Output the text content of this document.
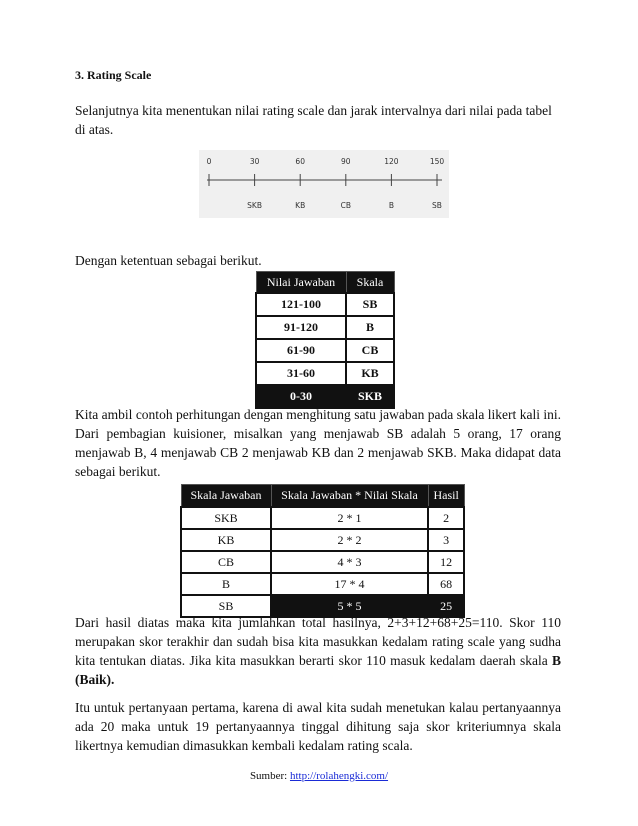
3. Rating Scale

Selanjutnya kita menentukan nilai rating scale dan jarak intervalnya dari nilai pada tabel di atas.

0	30	60	90	120	150
SKB	KB	CB	B	SB

Dengan ketentuan sebagai berikut.

Nilai Jawaban	Skala
121-100	SB
91-120	B
61-90	CB
31-60	KB
0-30	SKB

Kita ambil contoh perhitungan dengan menghitung satu jawaban pada skala likert kali ini. Dari pembagian kuisioner, misalkan yang menjawab SB adalah 5 orang, 17 orang menjawab B, 4 menjawab CB 2 menjawab KB dan 2 menjawab SKB. Maka didapat data sebagai berikut.

Skala Jawaban	Skala Jawaban * Nilai Skala	Hasil
SKB	2 * 1	2
KB	2 * 2	3
CB	4 * 3	12
B	17 * 4	68
SB	5 * 5	25

Dari hasil diatas maka kita jumlahkan total hasilnya, 2+3+12+68+25=110. Skor 110 merupakan skor terakhir dan sudah bisa kita masukkan kedalam rating scale yang sudha kita tentukan diatas. Jika kita masukkan berarti skor 110 masuk kedalam daerah skala B (Baik).

Itu untuk pertanyaan pertama, karena di awal kita sudah menetukan kalau pertanyaannya ada 20 maka untuk 19 pertanyaannya tinggal dihitung saja skor kriteriumnya skala likertnya kemudian dimasukkan kembali kedalam rating scala.

Sumber: http://rolahengki.com/
